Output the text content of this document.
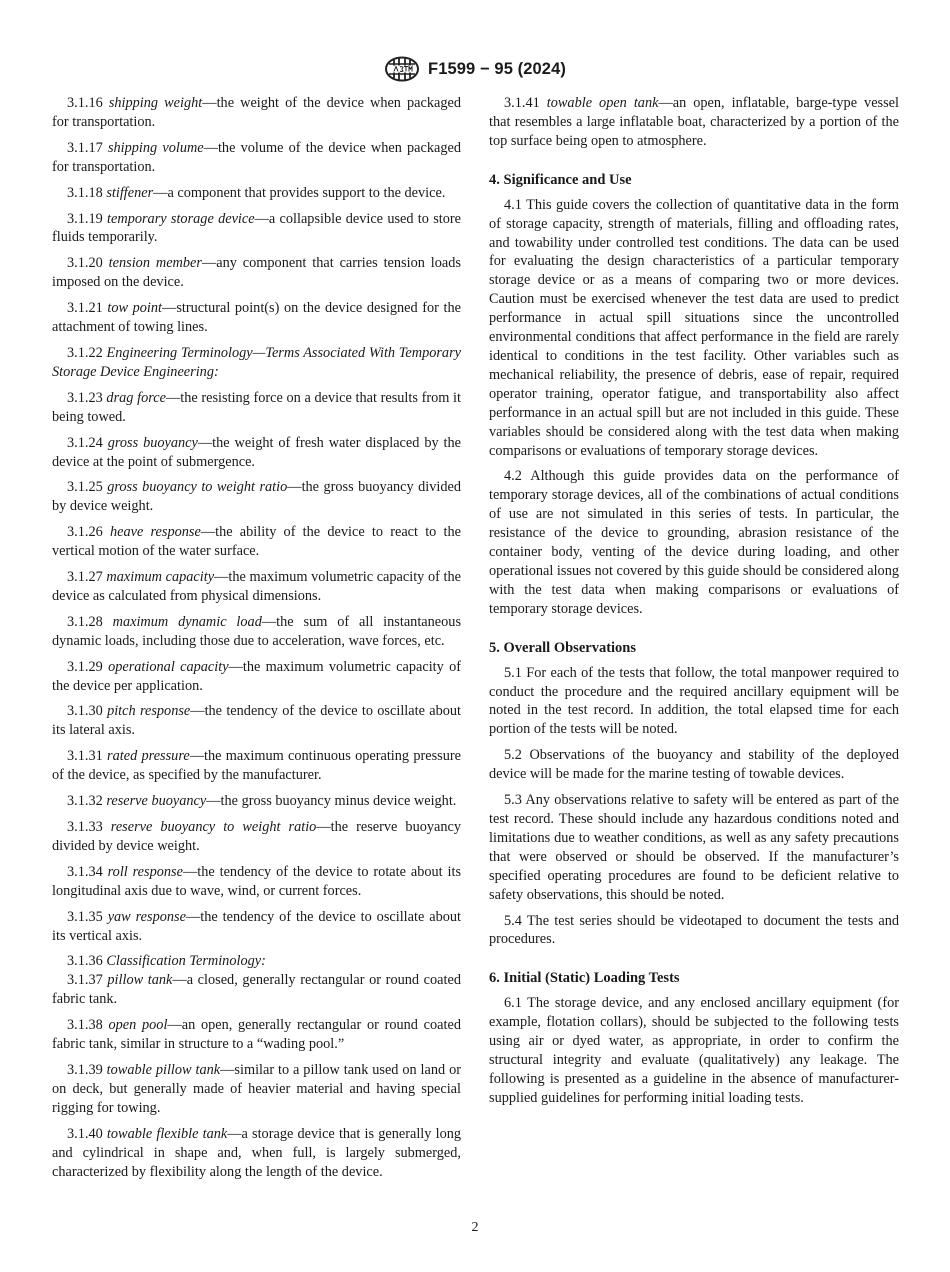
F1599 − 95 (2024)

3.1.16 shipping weight—the weight of the device when packaged for transportation.

3.1.17 shipping volume—the volume of the device when packaged for transportation.

3.1.18 stiffener—a component that provides support to the device.

3.1.19 temporary storage device—a collapsible device used to store fluids temporarily.

3.1.20 tension member—any component that carries tension loads imposed on the device.

3.1.21 tow point—structural point(s) on the device designed for the attachment of towing lines.

3.1.22 Engineering Terminology—Terms Associated With Temporary Storage Device Engineering:

3.1.23 drag force—the resisting force on a device that results from it being towed.

3.1.24 gross buoyancy—the weight of fresh water displaced by the device at the point of submergence.

3.1.25 gross buoyancy to weight ratio—the gross buoyancy divided by device weight.

3.1.26 heave response—the ability of the device to react to the vertical motion of the water surface.

3.1.27 maximum capacity—the maximum volumetric capacity of the device as calculated from physical dimensions.

3.1.28 maximum dynamic load—the sum of all instantaneous dynamic loads, including those due to acceleration, wave forces, etc.

3.1.29 operational capacity—the maximum volumetric capacity of the device per application.

3.1.30 pitch response—the tendency of the device to oscillate about its lateral axis.

3.1.31 rated pressure—the maximum continuous operating pressure of the device, as specified by the manufacturer.

3.1.32 reserve buoyancy—the gross buoyancy minus device weight.

3.1.33 reserve buoyancy to weight ratio—the reserve buoyancy divided by device weight.

3.1.34 roll response—the tendency of the device to rotate about its longitudinal axis due to wave, wind, or current forces.

3.1.35 yaw response—the tendency of the device to oscillate about its vertical axis.

3.1.36 Classification Terminology:

3.1.37 pillow tank—a closed, generally rectangular or round coated fabric tank.

3.1.38 open pool—an open, generally rectangular or round coated fabric tank, similar in structure to a “wading pool.”

3.1.39 towable pillow tank—similar to a pillow tank used on land or on deck, but generally made of heavier material and having special rigging for towing.

3.1.40 towable flexible tank—a storage device that is generally long and cylindrical in shape and, when full, is largely submerged, characterized by flexibility along the length of the device.

3.1.41 towable open tank—an open, inflatable, barge-type vessel that resembles a large inflatable boat, characterized by a portion of the top surface being open to atmosphere.

4. Significance and Use

4.1 This guide covers the collection of quantitative data in the form of storage capacity, strength of materials, filling and offloading rates, and towability under controlled test conditions. The data can be used for evaluating the design characteristics of a particular temporary storage device or as a means of comparing two or more devices. Caution must be exercised whenever the test data are used to predict performance in actual spill situations since the uncontrolled environmental conditions that affect performance in the field are rarely identical to conditions in the test facility. Other variables such as mechanical reliability, the presence of debris, ease of repair, required operator training, operator fatigue, and transportability also affect performance in an actual spill but are not included in this guide. These variables should be considered along with the test data when making comparisons or evaluations of temporary storage devices.

4.2 Although this guide provides data on the performance of temporary storage devices, all of the combinations of actual conditions of use are not simulated in this series of tests. In particular, the resistance of the device to grounding, abrasion resistance of the container body, venting of the device during loading, and other operational issues not covered by this guide should be considered along with the test data when making comparisons or evaluations of temporary storage devices.

5. Overall Observations

5.1 For each of the tests that follow, the total manpower required to conduct the procedure and the required ancillary equipment will be noted in the test record. In addition, the total elapsed time for each portion of the tests will be noted.

5.2 Observations of the buoyancy and stability of the deployed device will be made for the marine testing of towable devices.

5.3 Any observations relative to safety will be entered as part of the test record. These should include any hazardous conditions noted and limitations due to weather conditions, as well as any safety precautions that were observed or should be observed. If the manufacturer’s specified operating procedures are found to be deficient relative to safety observations, this should be noted.

5.4 The test series should be videotaped to document the tests and procedures.

6. Initial (Static) Loading Tests

6.1 The storage device, and any enclosed ancillary equipment (for example, flotation collars), should be subjected to the following tests using air or dyed water, as appropriate, in order to confirm the structural integrity and evaluate (qualitatively) any leakage. The following is presented as a guideline in the absence of manufacturer-supplied guidelines for performing initial loading tests.

2
